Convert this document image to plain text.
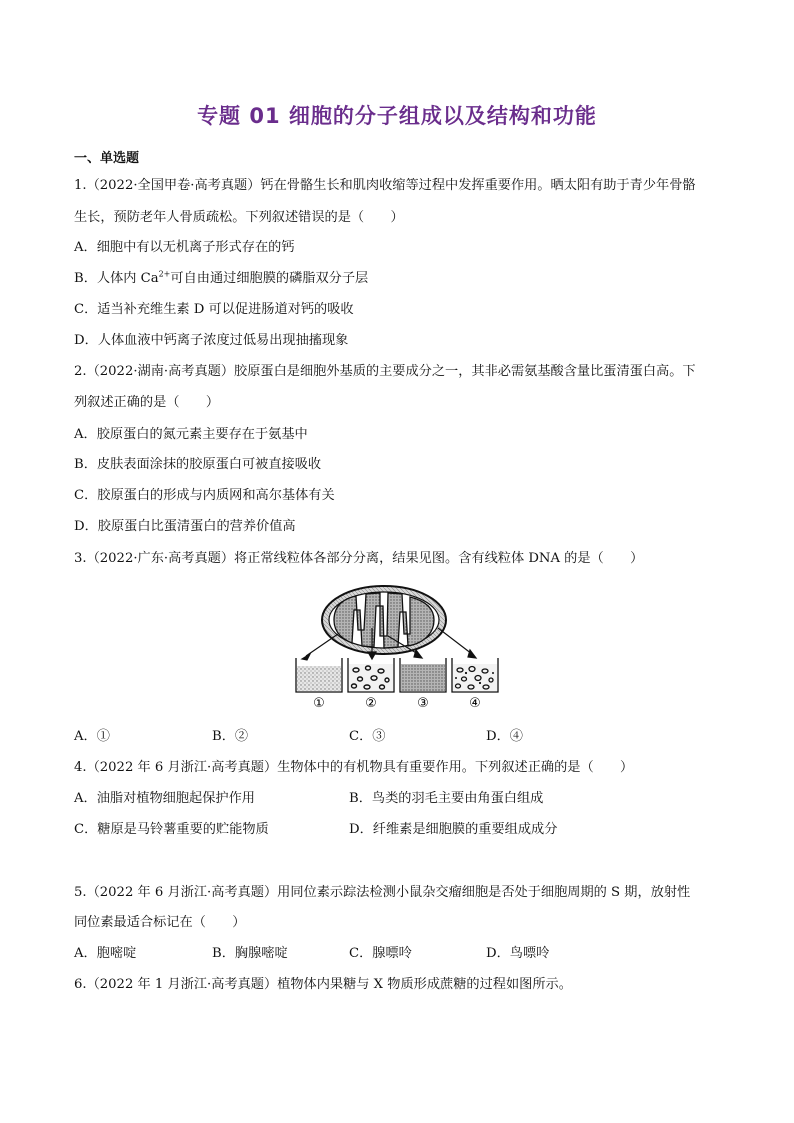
专题 01 细胞的分子组成以及结构和功能
一、单选题
1.（2022·全国甲卷·高考真题）钙在骨骼生长和肌肉收缩等过程中发挥重要作用。晒太阳有助于青少年骨骼
生长，预防老年人骨质疏松。下列叙述错误的是（　　）
A．细胞中有以无机离子形式存在的钙
B．人体内 $Ca^{2+}$可自由通过细胞膜的磷脂双分子层
C．适当补充维生素 D 可以促进肠道对钙的吸收
D．人体血液中钙离子浓度过低易出现抽搐现象
2.（2022·湖南·高考真题）胶原蛋白是细胞外基质的主要成分之一，其非必需氨基酸含量比蛋清蛋白高。下
列叙述正确的是（　　）
A．胶原蛋白的氮元素主要存在于氨基中
B．皮肤表面涂抹的胶原蛋白可被直接吸收
C．胶原蛋白的形成与内质网和高尔基体有关
D．胶原蛋白比蛋清蛋白的营养价值高
3.（2022·广东·高考真题）将正常线粒体各部分分离，结果见图。含有线粒体 DNA 的是（　　）
①	②	③	④
A．①	B．②	C．③	D．④
4.（2022 年 6 月浙江·高考真题）生物体中的有机物具有重要作用。下列叙述正确的是（　　）
A．油脂对植物细胞起保护作用	B．鸟类的羽毛主要由角蛋白组成
C．糖原是马铃薯重要的贮能物质	D．纤维素是细胞膜的重要组成成分
5.（2022 年 6 月浙江·高考真题）用同位素示踪法检测小鼠杂交瘤细胞是否处于细胞周期的 S 期，放射性
同位素最适合标记在（　　）
A．胞嘧啶	B．胸腺嘧啶	C．腺嘌呤	D．鸟嘌呤
6.（2022 年 1 月浙江·高考真题）植物体内果糖与 X 物质形成蔗糖的过程如图所示。
